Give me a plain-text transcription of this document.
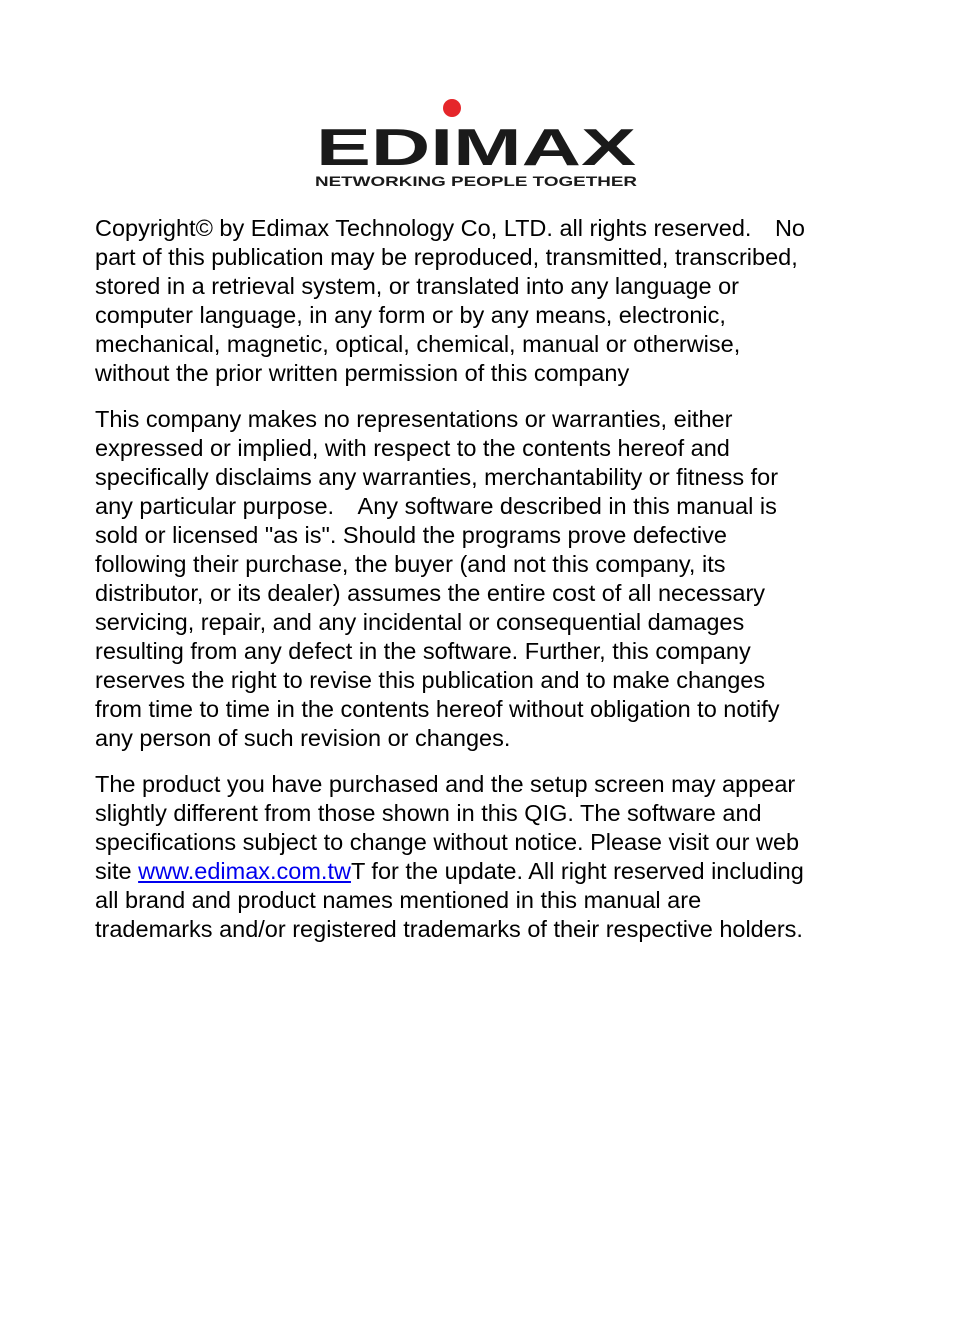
EDIMAX
NETWORKING PEOPLE TOGETHER

Copyright© by Edimax Technology Co, LTD. all rights reserved.　No
part of this publication may be reproduced, transmitted, transcribed,
stored in a retrieval system, or translated into any language or
computer language, in any form or by any means, electronic,
mechanical, magnetic, optical, chemical, manual or otherwise,
without the prior written permission of this company

This company makes no representations or warranties, either
expressed or implied, with respect to the contents hereof and
specifically disclaims any warranties, merchantability or fitness for
any particular purpose.　Any software described in this manual is
sold or licensed "as is". Should the programs prove defective
following their purchase, the buyer (and not this company, its
distributor, or its dealer) assumes the entire cost of all necessary
servicing, repair, and any incidental or consequential damages
resulting from any defect in the software. Further, this company
reserves the right to revise this publication and to make changes
from time to time in the contents hereof without obligation to notify
any person of such revision or changes.

The product you have purchased and the setup screen may appear
slightly different from those shown in this QIG. The software and
specifications subject to change without notice. Please visit our web
site www.edimax.com.twT for the update. All right reserved including
all brand and product names mentioned in this manual are
trademarks and/or registered trademarks of their respective holders.
